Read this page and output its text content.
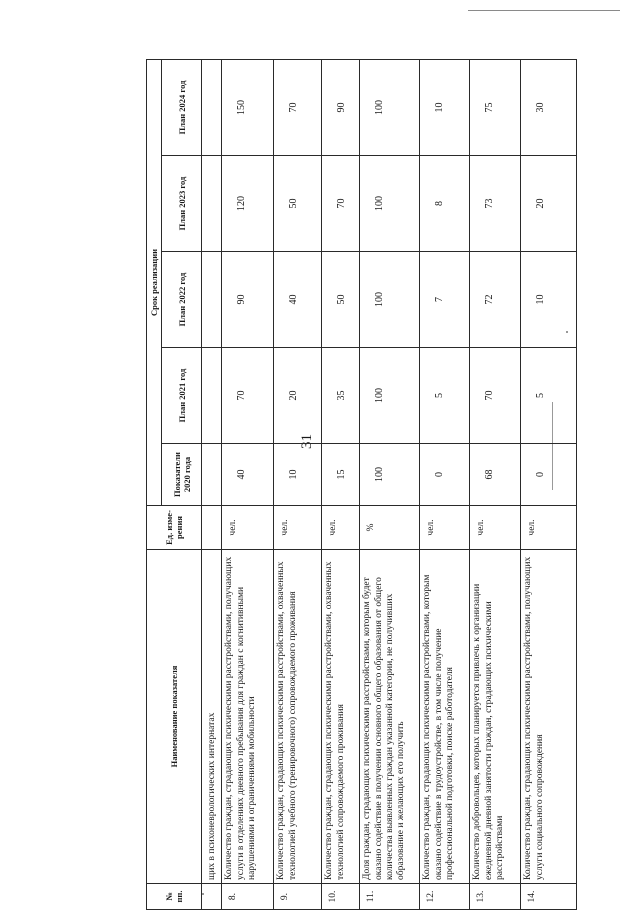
31
№ пп.	Наименование показателя	Ед. изме-рения	Срок реализации				
			Показатели 2020 года	План 2021 год	План 2022 год	План 2023 год	План 2024 год
	щих в психоневрологических интернатах						
8.	Количество граждан, страдающих психическими расстройствами, получающих услуги в отделениях дневного пребывания для граждан с когнитивными нарушениями и ограничениями мобильности	чел.	40	70	90	120	150
9.	Количество граждан, страдающих психическими расстройствами, охваченных технологией учебного (тренировочного) сопровождаемого проживания	чел.	10	20	40	50	70
10.	Количество граждан, страдающих психическими расстройствами, охваченных технологией сопровождаемого проживания	чел.	15	35	50	70	90
11.	Доля граждан, страдающих психическими расстройствами, которым будет оказано содействие в получении основного общего образования от общего количества выявленных граждан указанной категории, не получивших образование и желающих его получить	%	100	100	100	100	100
12.	Количество граждан, страдающих психическими расстройствами, которым оказано содействие в трудоустройстве, в том числе получение профессиональной подготовки, поиске работодателя	чел.	0	5	7	8	10
13.	Количество добровольцев, которых планируется привлечь к организации ежедневной дневной занятости граждан, страдающих психическими расстройствами	чел.	68	70	72	73	75
14.	Количество граждан, страдающих психическими расстройствами, получающих услуги социального сопровождения	чел.	0	5	10	20	30
